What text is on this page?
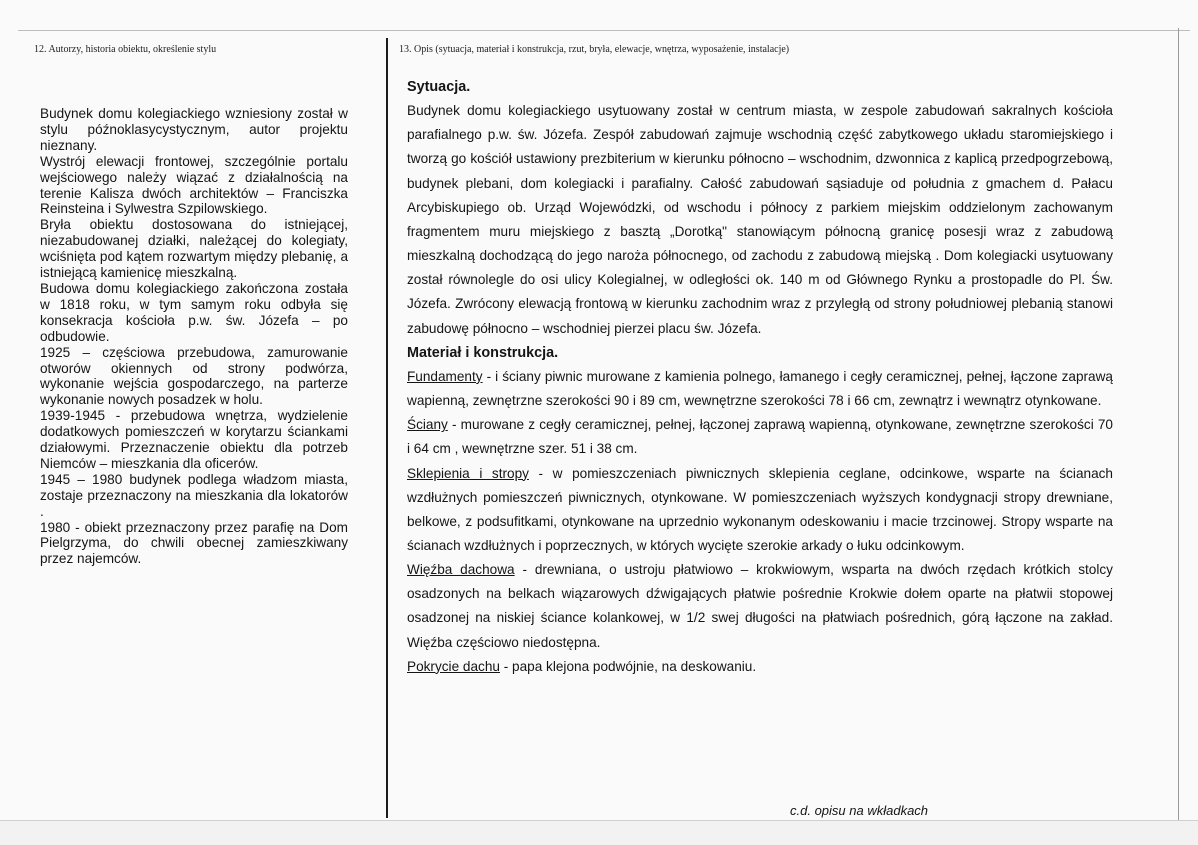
12. Autorzy, historia obiektu, określenie stylu	13. Opis (sytuacja, materiał i konstrukcja, rzut, bryła, elewacje, wnętrza, wyposażenie, instalacje)

Budynek domu kolegiackiego wzniesiony został w stylu późnoklasycystycznym, autor projektu nieznany.

Wystrój elewacji frontowej, szczególnie portalu wejściowego należy wiązać z działalnością na terenie Kalisza dwóch architektów – Franciszka Reinsteina i Sylwestra Szpilowskiego.

Bryła obiektu dostosowana do istniejącej, niezabudowanej działki, należącej do kolegiaty, wciśnięta pod kątem rozwartym między plebanię, a istniejącą kamienicę mieszkalną.

Budowa domu kolegiackiego zakończona została w 1818 roku, w tym samym roku odbyła się konsekracja kościoła p.w. św. Józefa – po odbudowie.

1925 – częściowa przebudowa, zamurowanie otworów okiennych od strony podwórza, wykonanie wejścia gospodarczego, na parterze wykonanie nowych posadzek w holu.

1939-1945 - przebudowa wnętrza, wydzielenie dodatkowych pomieszczeń w korytarzu ściankami działowymi. Przeznaczenie obiektu dla potrzeb Niemców – mieszkania dla oficerów.

1945 – 1980 budynek podlega władzom miasta, zostaje przeznaczony na mieszkania dla lokatorów .

1980 - obiekt przeznaczony przez parafię na Dom Pielgrzyma, do chwili obecnej zamieszkiwany przez najemców.

Sytuacja.

Budynek domu kolegiackiego usytuowany został w centrum miasta, w zespole zabudowań sakralnych kościoła parafialnego p.w. św. Józefa. Zespół zabudowań zajmuje wschodnią część zabytkowego układu staromiejskiego i tworzą go kościół ustawiony prezbiterium w kierunku północno – wschodnim, dzwonnica z kaplicą przedpogrzebową, budynek plebani, dom kolegiacki i parafialny. Całość zabudowań sąsiaduje od południa z gmachem d. Pałacu Arcybiskupiego ob. Urząd Wojewódzki, od wschodu i północy z parkiem miejskim oddzielonym zachowanym fragmentem muru miejskiego z basztą „Dorotką" stanowiącym północną granicę posesji wraz z zabudową mieszkalną dochodzącą do jego naroża północnego, od zachodu z zabudową miejską . Dom kolegiacki usytuowany został równolegle do osi ulicy Kolegialnej, w odległości ok. 140 m od Głównego Rynku a prostopadle do Pl. Św. Józefa. Zwrócony elewacją frontową w kierunku zachodnim wraz z przyległą od strony południowej plebanią stanowi zabudowę północno – wschodniej pierzei placu św. Józefa.

Materiał i konstrukcja.

Fundamenty - i ściany piwnic murowane z kamienia polnego, łamanego i cegły ceramicznej, pełnej, łączone zaprawą wapienną, zewnętrzne szerokości 90 i 89 cm, wewnętrzne szerokości 78 i 66 cm, zewnątrz i wewnątrz otynkowane.

Ściany - murowane z cegły ceramicznej, pełnej, łączonej zaprawą wapienną, otynkowane, zewnętrzne szerokości 70 i 64 cm , wewnętrzne szer. 51 i 38 cm.

Sklepienia i stropy - w pomieszczeniach piwnicznych sklepienia ceglane, odcinkowe, wsparte na ścianach wzdłużnych pomieszczeń piwnicznych, otynkowane. W pomieszczeniach wyższych kondygnacji stropy drewniane, belkowe, z podsufitkami, otynkowane na uprzednio wykonanym odeskowaniu i macie trzcinowej. Stropy wsparte na ścianach wzdłużnych i poprzecznych, w których wycięte szerokie arkady o łuku odcinkowym.

Więźba dachowa - drewniana, o ustroju płatwiowo – krokwiowym, wsparta na dwóch rzędach krótkich stolcy osadzonych na belkach wiązarowych dźwigających płatwie pośrednie Krokwie dołem oparte na płatwii stopowej osadzonej na niskiej ściance kolankowej, w 1/2 swej długości na płatwiach pośrednich, górą łączone na zakład. Więźba częściowo niedostępna.

Pokrycie dachu - papa klejona podwójnie, na deskowaniu.

c.d. opisu na wkładkach
